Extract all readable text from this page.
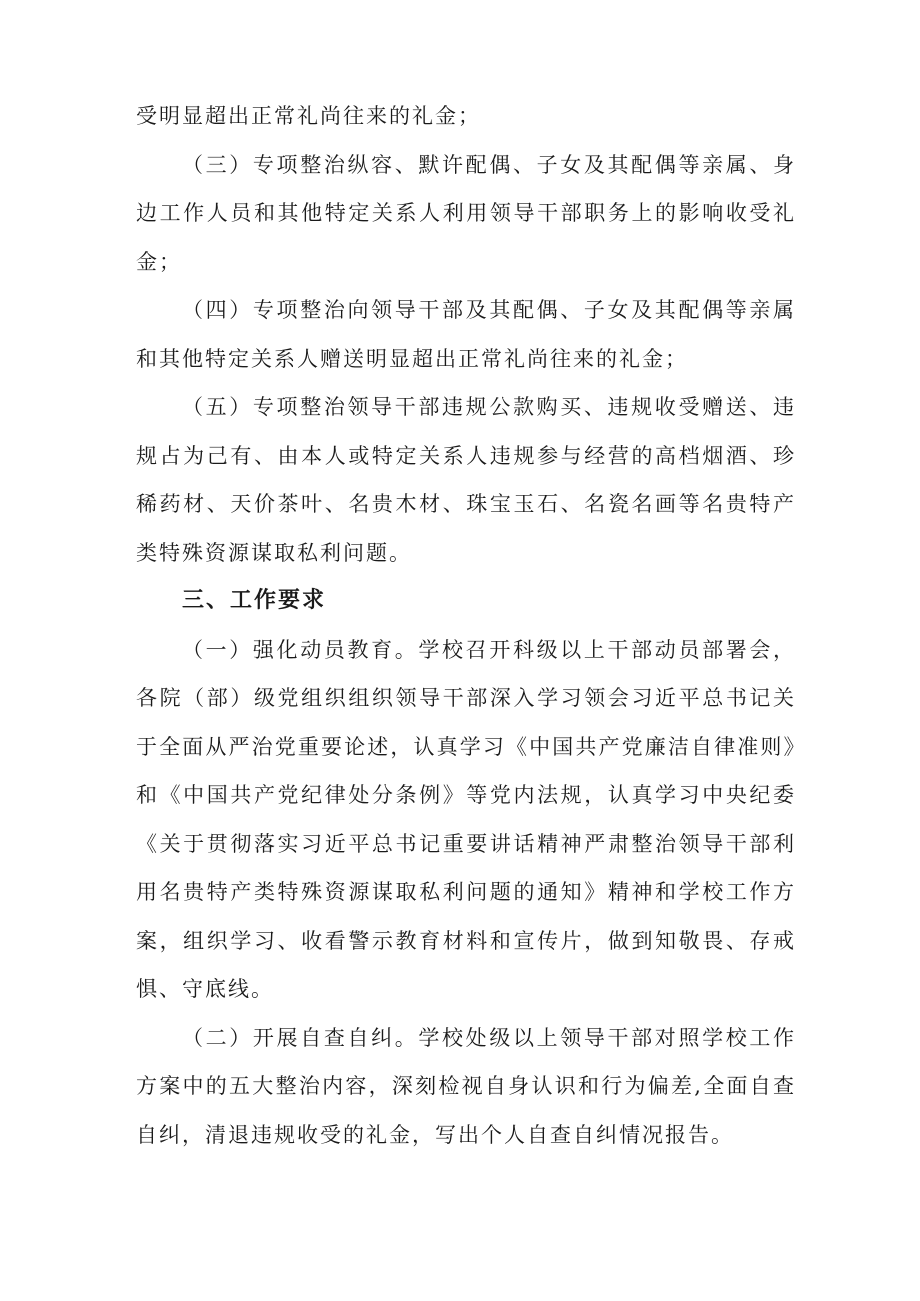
受明显超出正常礼尚往来的礼金；

（三）专项整治纵容、默许配偶、子女及其配偶等亲属、身边工作人员和其他特定关系人利用领导干部职务上的影响收受礼金；

（四）专项整治向领导干部及其配偶、子女及其配偶等亲属和其他特定关系人赠送明显超出正常礼尚往来的礼金；

（五）专项整治领导干部违规公款购买、违规收受赠送、违规占为己有、由本人或特定关系人违规参与经营的高档烟酒、珍稀药材、天价茶叶、名贵木材、珠宝玉石、名瓷名画等名贵特产类特殊资源谋取私利问题。

三、工作要求

（一）强化动员教育。学校召开科级以上干部动员部署会，各院（部）级党组织组织领导干部深入学习领会习近平总书记关于全面从严治党重要论述，认真学习《中国共产党廉洁自律准则》和《中国共产党纪律处分条例》等党内法规，认真学习中央纪委《关于贯彻落实习近平总书记重要讲话精神严肃整治领导干部利用名贵特产类特殊资源谋取私利问题的通知》精神和学校工作方案，组织学习、收看警示教育材料和宣传片，做到知敬畏、存戒惧、守底线。

（二）开展自查自纠。学校处级以上领导干部对照学校工作方案中的五大整治内容，深刻检视自身认识和行为偏差,全面自查自纠，清退违规收受的礼金，写出个人自查自纠情况报告。
